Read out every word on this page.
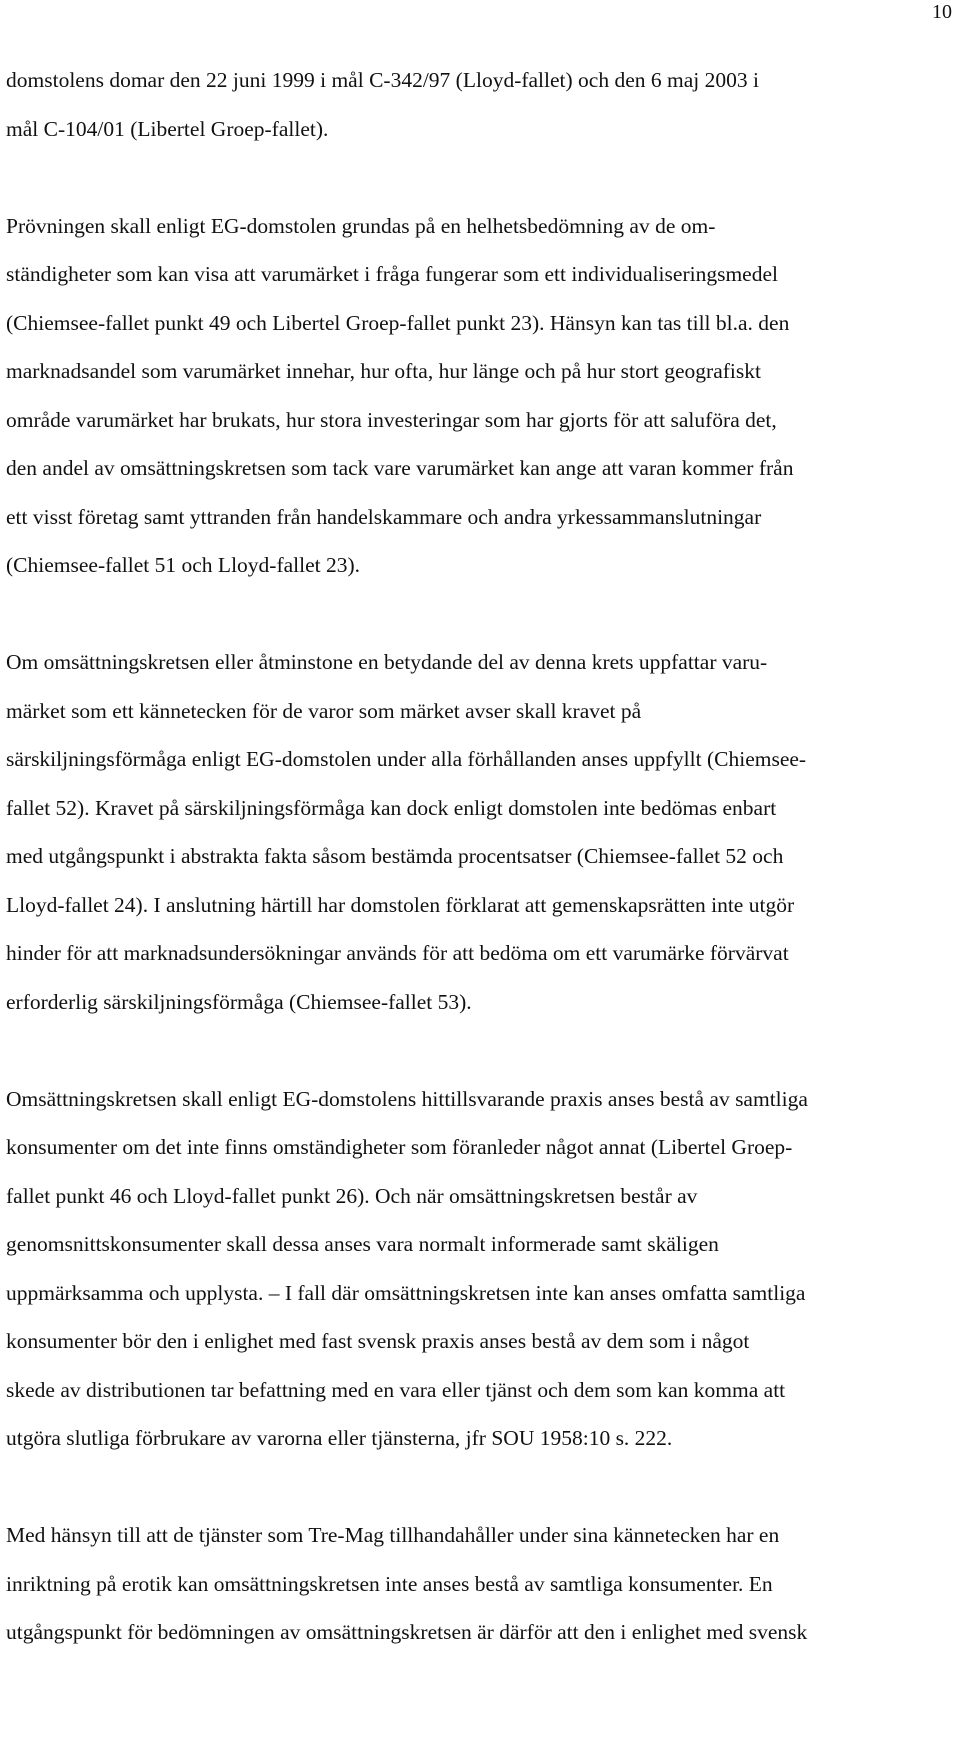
10

domstolens domar den 22 juni 1999 i mål C-342/97 (Lloyd-fallet) och den 6 maj 2003 i
mål C-104/01 (Libertel Groep-fallet).

Prövningen skall enligt EG-domstolen grundas på en helhetsbedömning av de om-
ständigheter som kan visa att varumärket i fråga fungerar som ett individualiseringsmedel
(Chiemsee-fallet punkt 49 och Libertel Groep-fallet punkt 23). Hänsyn kan tas till bl.a. den
marknadsandel som varumärket innehar, hur ofta, hur länge och på hur stort geografiskt
område varumärket har brukats, hur stora investeringar som har gjorts för att saluföra det,
den andel av omsättningskretsen som tack vare varumärket kan ange att varan kommer från
ett visst företag samt yttranden från handelskammare och andra yrkessammanslutningar
(Chiemsee-fallet 51 och Lloyd-fallet 23).

Om omsättningskretsen eller åtminstone en betydande del av denna krets uppfattar varu-
märket som ett kännetecken för de varor som märket avser skall kravet på
särskiljningsförmåga enligt EG-domstolen under alla förhållanden anses uppfyllt (Chiemsee-
fallet 52). Kravet på särskiljningsförmåga kan dock enligt domstolen inte bedömas enbart
med utgångspunkt i abstrakta fakta såsom bestämda procentsatser (Chiemsee-fallet 52 och
Lloyd-fallet 24). I anslutning härtill har domstolen förklarat att gemenskapsrätten inte utgör
hinder för att marknadsundersökningar används för att bedöma om ett varumärke förvärvat
erforderlig särskiljningsförmåga (Chiemsee-fallet 53).

Omsättningskretsen skall enligt EG-domstolens hittillsvarande praxis anses bestå av samtliga
konsumenter om det inte finns omständigheter som föranleder något annat (Libertel Groep-
fallet punkt 46 och Lloyd-fallet punkt 26). Och när omsättningskretsen består av
genomsnittskonsumenter skall dessa anses vara normalt informerade samt skäligen
uppmärksamma och upplysta. – I fall där omsättningskretsen inte kan anses omfatta samtliga
konsumenter bör den i enlighet med fast svensk praxis anses bestå av dem som i något
skede av distributionen tar befattning med en vara eller tjänst och dem som kan komma att
utgöra slutliga förbrukare av varorna eller tjänsterna, jfr SOU 1958:10 s. 222.

Med hänsyn till att de tjänster som Tre-Mag tillhandahåller under sina kännetecken har en
inriktning på erotik kan omsättningskretsen inte anses bestå av samtliga konsumenter. En
utgångspunkt för bedömningen av omsättningskretsen är därför att den i enlighet med svensk
